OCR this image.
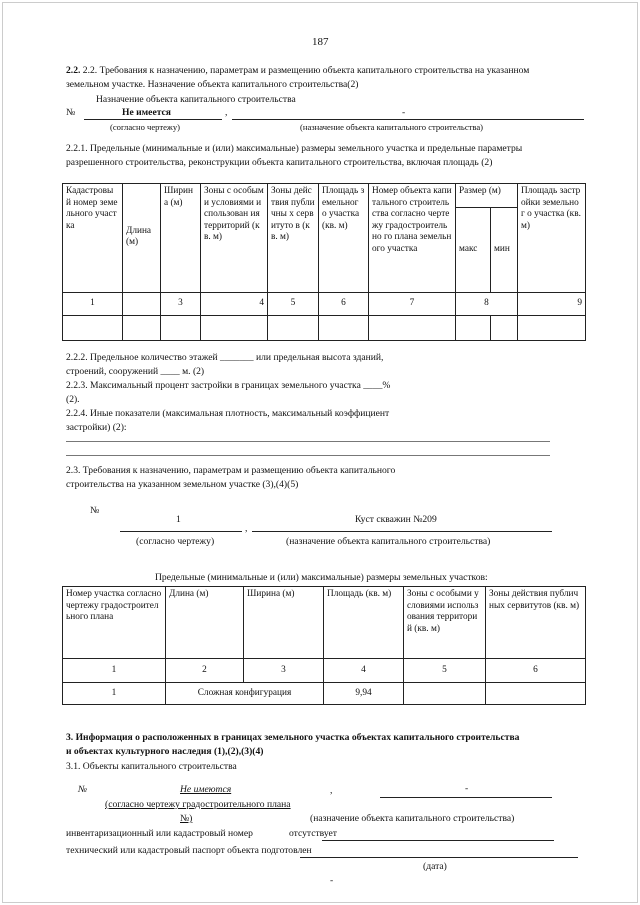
187
2.2. 2.2. Требования к назначению, параметрам и размещению объекта капитального строительства на указанном
земельном участке. Назначение объекта капитального строительства(2)
Назначение объекта капитального строительства
№	Не имеется	,	-
(согласно чертежу)	(назначение объекта капитального строительства)
2.2.1. Предельные (минимальные и (или) максимальные) размеры земельного участка и предельные параметры
разрешенного строительства, реконструкции объекта капитального строительства, включая площадь (2)
Кадастровы й номер земельного участка	Длина (м)	Ширин а (м)	Зоны с особыми условиями использован ия территорий (кв. м)	Зоны действия публичны х сервитуто в (кв. м)	Площадь земельног о участка (кв. м)	Номер объекта капитального строительства согласно чертежу градостроительно го плана земельного участка	Размер (м)		Площадь застройки земельног о участка (кв. м)
							макс	мин	
1		3	4	5	6	7	8		9

2.2.2. Предельное количество этажей _______ или предельная высота зданий,
строений, сооружений ____ м. (2)
2.2.3. Максимальный процент застройки в границах земельного участка ____%
(2).
2.2.4. Иные показатели (максимальная плотность, максимальный коэффициент
застройки) (2):
2.3. Требования к назначению, параметрам и размещению объекта капитального
строительства на указанном земельном участке (3),(4)(5)
№
1	Куст скважин №209
,
(согласно чертежу)	(назначение объекта капитального строительства)
Предельные (минимальные и (или) максимальные) размеры земельных участков:
Номер участка согласно чертежу градостроительного плана	Длина (м)	Ширина (м)	Площадь (кв. м)	Зоны с особыми условиями использования территорий (кв. м)	Зоны действия публичных сервитутов (кв. м)
1	2	3	4	5	6
1	Сложная конфигурация		9,94		
3. Информация о расположенных в границах земельного участка объектах капитального строительства
и объектах культурного наследия (1),(2),(3)(4)
3.1. Объекты капитального строительства
№	Не имеются	,	-
(согласно чертежу градостроительного плана
№)	(назначение объекта капитального строительства)
инвентаризационный или кадастровый номер	отсутствует
технический или кадастровый паспорт объекта подготовлен
(дата)
-
